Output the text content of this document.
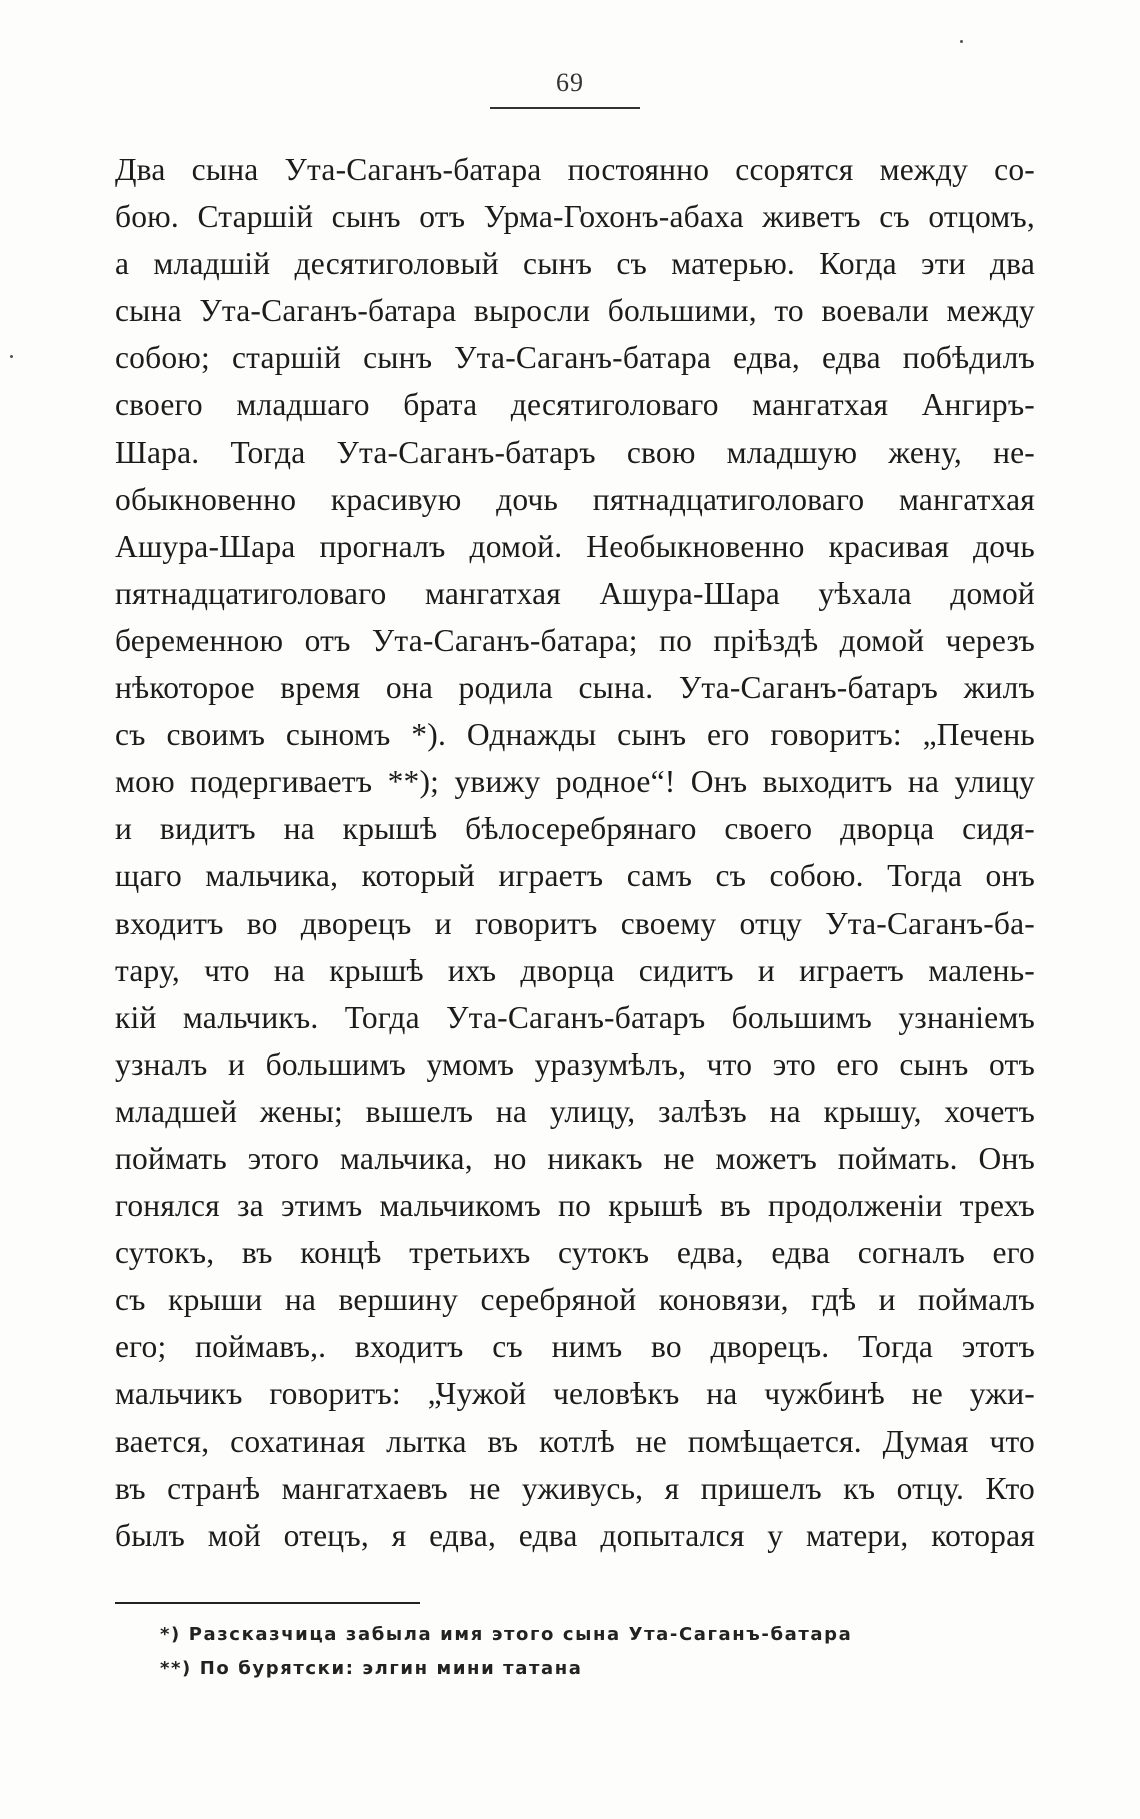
69
Два сына Ута-Саганъ-батара постоянно ссорятся между со-
бою. Старшій сынъ отъ Урма-Гохонъ-абаха живетъ съ отцомъ,
а младшій десятиголовый сынъ съ матерью. Когда эти два
сына Ута-Саганъ-батара выросли большими, то воевали между
собою; старшій сынъ Ута-Саганъ-батара едва, едва побѣдилъ
своего младшаго брата десятиголоваго мангатхая Ангиръ-
Шара. Тогда Ута-Саганъ-батаръ свою младшую жену, не-
обыкновенно красивую дочь пятнадцатиголоваго мангатхая
Ашура-Шара прогналъ домой. Необыкновенно красивая дочь
пятнадцатиголоваго мангатхая Ашура-Шара уѣхала домой
беременною отъ Ута-Саганъ-батара; по пріѣздѣ домой черезъ
нѣкоторое время она родила сына. Ута-Саганъ-батаръ жилъ
съ своимъ сыномъ *). Однажды сынъ его говоритъ: „Печень
мою подергиваетъ **); увижу родное“! Онъ выходитъ на улицу
и видитъ на крышѣ бѣлосеребрянаго своего дворца сидя-
щаго мальчика, который играетъ самъ съ собою. Тогда онъ
входитъ во дворецъ и говоритъ своему отцу Ута-Саганъ-ба-
тару, что на крышѣ ихъ дворца сидитъ и играетъ малень-
кій мальчикъ. Тогда Ута-Саганъ-батаръ большимъ узнаніемъ
узналъ и большимъ умомъ уразумѣлъ, что это его сынъ отъ
младшей жены; вышелъ на улицу, залѣзъ на крышу, хочетъ
поймать этого мальчика, но никакъ не можетъ поймать. Онъ
гонялся за этимъ мальчикомъ по крышѣ въ продолженіи трехъ
сутокъ, въ концѣ третьихъ сутокъ едва, едва согналъ его
съ крыши на вершину серебряной коновязи, гдѣ и поймалъ
его; поймавъ,. входитъ съ нимъ во дворецъ. Тогда этотъ
мальчикъ говоритъ: „Чужой человѣкъ на чужбинѣ не ужи-
вается, сохатиная лытка въ котлѣ не помѣщается. Думая что
въ странѣ мангатхаевъ не уживусь, я пришелъ къ отцу. Кто
былъ мой отецъ, я едва, едва допытался у матери, которая
*) Разсказчица забыла имя этого сына Ута-Саганъ-батара
**) По бурятски: элгин мини татана
